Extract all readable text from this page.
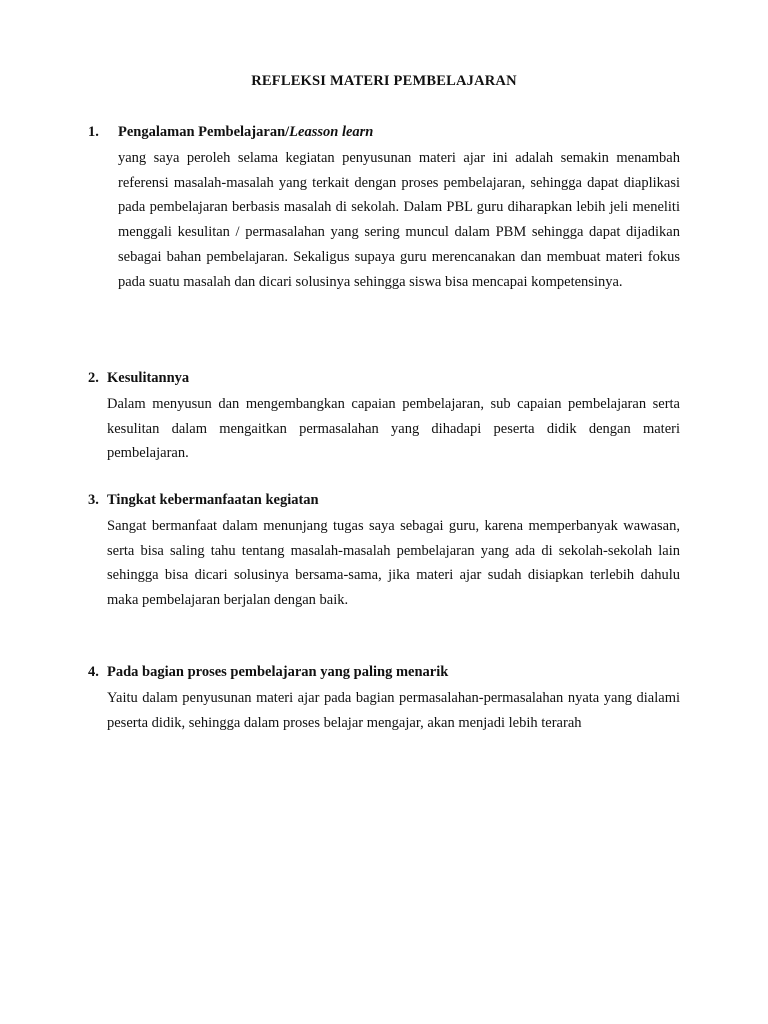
REFLEKSI MATERI PEMBELAJARAN
1. Pengalaman Pembelajaran/Leasson learn
yang saya peroleh selama kegiatan penyusunan materi ajar ini adalah semakin menambah referensi masalah-masalah yang terkait dengan proses pembelajaran, sehingga dapat diaplikasi pada pembelajaran berbasis masalah di sekolah. Dalam PBL guru diharapkan lebih jeli meneliti menggali kesulitan / permasalahan yang sering muncul dalam PBM sehingga dapat dijadikan sebagai bahan pembelajaran. Sekaligus supaya guru merencanakan dan membuat materi fokus pada suatu masalah dan dicari solusinya sehingga siswa bisa mencapai kompetensinya.
2. Kesulitannya
Dalam menyusun dan mengembangkan capaian pembelajaran, sub capaian pembelajaran serta kesulitan dalam mengaitkan permasalahan yang dihadapi peserta didik dengan materi pembelajaran.
3. Tingkat kebermanfaatan kegiatan
Sangat bermanfaat dalam menunjang tugas saya sebagai guru, karena memperbanyak wawasan, serta bisa saling tahu tentang masalah-masalah pembelajaran yang ada di sekolah-sekolah lain sehingga bisa dicari solusinya bersama-sama, jika materi ajar sudah disiapkan terlebih dahulu maka pembelajaran berjalan dengan baik.
4. Pada bagian proses pembelajaran yang paling menarik
Yaitu dalam penyusunan materi ajar pada bagian permasalahan-permasalahan nyata yang dialami peserta didik, sehingga dalam proses belajar mengajar, akan menjadi lebih terarah
